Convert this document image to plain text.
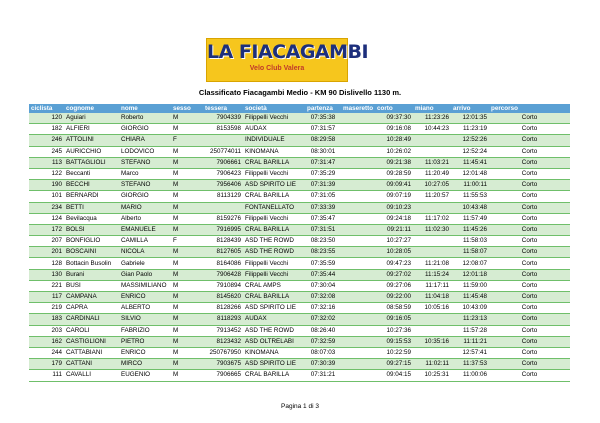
LA FIACAGAMBI
Velo Club Valera
Classificato Fiacagambi Medio - KM 90 Dislivello 1130 m.
ciclista	cognome	nome	sesso	tessera	società	partenza	maseretto	corto	miano	arrivo	percorso
120	Aguiari	Roberto	M	7904339	Filippelli Vecchi	07:35:38		09:37:30	11:23:26	12:01:35	Corto
182	ALFIERI	GIORGIO	M	8153598	AUDAX	07:31:57		09:16:08	10:44:23	11:23:19	Corto
246	ATTOLINI	CHIARA	F		INDIVIDUALE	08:29:58		10:28:49		12:52:26	Corto
245	AURICCHIO	LODOVICO	M	250774011	KINOMANA	08:30:01		10:26:02		12:52:24	Corto
113	BATTAGLIOLI	STEFANO	M	7906661	CRAL BARILLA	07:31:47		09:21:38	11:03:21	11:45:41	Corto
122	Beccanti	Marco	M	7906423	Filippelli Vecchi	07:35:29		09:28:59	11:20:49	12:01:48	Corto
190	BECCHI	STEFANO	M	7956406	ASD SPIRITO LIE	07:31:39		09:09:41	10:27:05	11:00:11	Corto
101	BERNARDI	GIORGIO	M	8113129	CRAL BARILLA	07:31:05		09:07:19	11:20:57	11:55:53	Corto
234	BETTI	MARIO	M		FONTANELLATO	07:33:39		09:10:23		10:43:48	Corto
124	Bevilacqua	Alberto	M	8159276	Filippelli Vecchi	07:35:47		09:24:18	11:17:02	11:57:49	Corto
172	BOLSI	EMANUELE	M	7916995	CRAL BARILLA	07:31:51		09:21:11	11:02:30	11:45:26	Corto
207	BONFIGLIO	CAMILLA	F	8128439	ASD THE ROWD	08:23:50		10:27:27		11:58:03	Corto
201	BOSCAINI	NICOLA	M	8127605	ASD THE ROWD	08:23:55		10:28:05		11:58:07	Corto
128	Bottacin Busolin	Gabriele	M	8164086	Filippelli Vecchi	07:35:59		09:47:23	11:21:08	12:08:07	Corto
130	Burani	Gian Paolo	M	7906428	Filippelli Vecchi	07:35:44		09:27:02	11:15:24	12:01:18	Corto
221	BUSI	MASSIMILIANO	M	7910894	CRAL AMPS	07:30:04		09:27:06	11:17:11	11:59:00	Corto
117	CAMPANA	ENRICO	M	8145620	CRAL BARILLA	07:32:08		09:22:00	11:04:18	11:45:48	Corto
219	CAPRA	ALBERTO	M	8128266	ASD SPIRITO LIE	07:32:16		08:58:59	10:05:16	10:43:09	Corto
183	CARDINALI	SILVIO	M	8118293	AUDAX	07:32:02		09:16:05		11:23:13	Corto
203	CAROLI	FABRIZIO	M	7913452	ASD THE ROWD	08:26:40		10:27:36		11:57:28	Corto
162	CASTIGLIONI	PIETRO	M	8123432	ASD OLTRELABI	07:32:59		09:15:53	10:35:16	11:11:21	Corto
244	CATTABIANI	ENRICO	M	250767950	KINOMANA	08:07:03		10:22:59		12:57:41	Corto
179	CATTANI	MIRCO	M	7903675	ASD SPIRITO LIE	07:30:39		09:27:15	11:02:11	11:37:53	Corto
111	CAVALLI	EUGENIO	M	7906665	CRAL BARILLA	07:31:21		09:04:15	10:25:31	11:00:06	Corto
Pagina 1 di 3
